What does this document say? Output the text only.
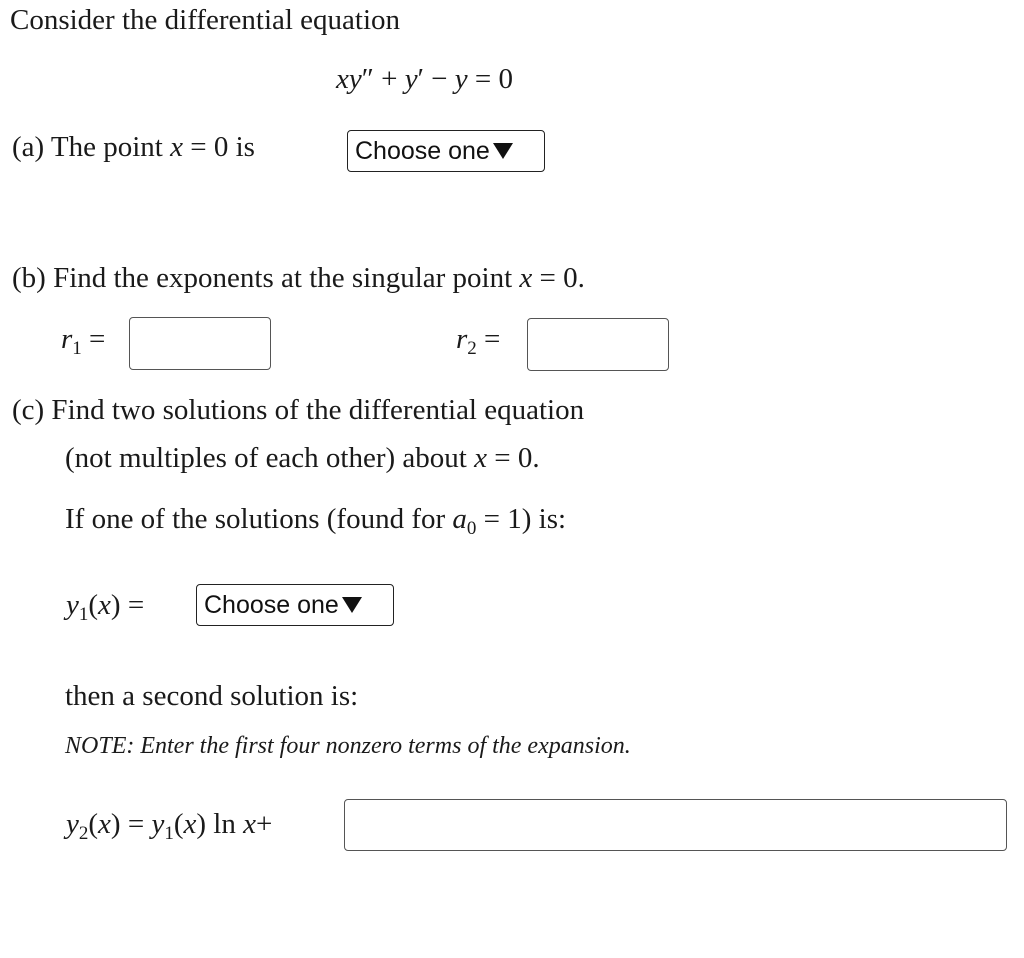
Consider the differential equation
xy″ + y′ − y = 0
(a) The point x = 0 is	Choose one
(b) Find the exponents at the singular point x = 0.
$r_1$ =	$r_2$ =
(c) Find two solutions of the differential equation
(not multiples of each other) about x = 0.
If one of the solutions (found for $a_0 = 1$) is:
$y_1(x)$ = Choose one
then a second solution is:
NOTE: Enter the first four nonzero terms of the expansion.
$y_2(x) = y_1(x)$ ln x+
